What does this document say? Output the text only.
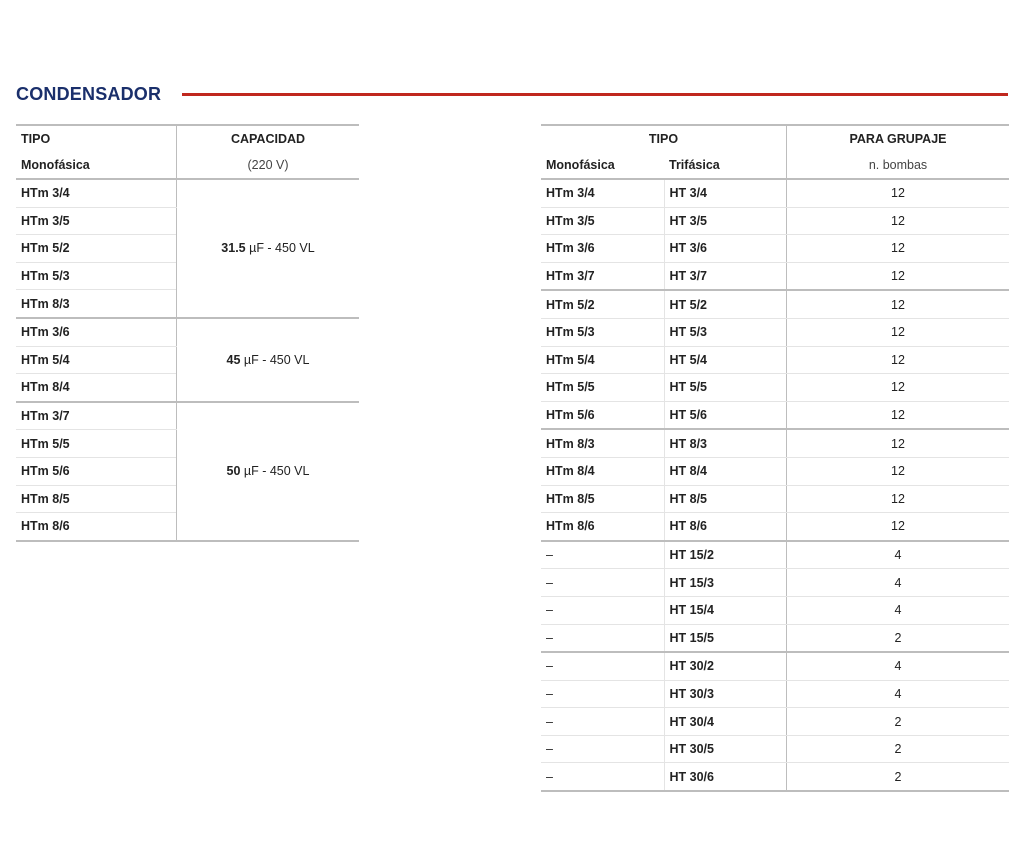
CONDENSADOR
TIPO	CAPACIDAD
Monofásica	(220 V)
HTm 3/4	31.5 µF - 450 VL
HTm 3/5	
HTm 5/2	
HTm 5/3	
HTm 8/3	
HTm 3/6	45 µF - 450 VL
HTm 5/4	
HTm 8/4	
HTm 3/7	50 µF - 450 VL
HTm 5/5	
HTm 5/6	
HTm 8/5	
HTm 8/6	
TIPO		PARA GRUPAJE
Monofásica	Trifásica	n. bombas
HTm 3/4	HT 3/4	12
HTm 3/5	HT 3/5	12
HTm 3/6	HT 3/6	12
HTm 3/7	HT 3/7	12
HTm 5/2	HT 5/2	12
HTm 5/3	HT 5/3	12
HTm 5/4	HT 5/4	12
HTm 5/5	HT 5/5	12
HTm 5/6	HT 5/6	12
HTm 8/3	HT 8/3	12
HTm 8/4	HT 8/4	12
HTm 8/5	HT 8/5	12
HTm 8/6	HT 8/6	12
–	HT 15/2	4
–	HT 15/3	4
–	HT 15/4	4
–	HT 15/5	2
–	HT 30/2	4
–	HT 30/3	4
–	HT 30/4	2
–	HT 30/5	2
–	HT 30/6	2
